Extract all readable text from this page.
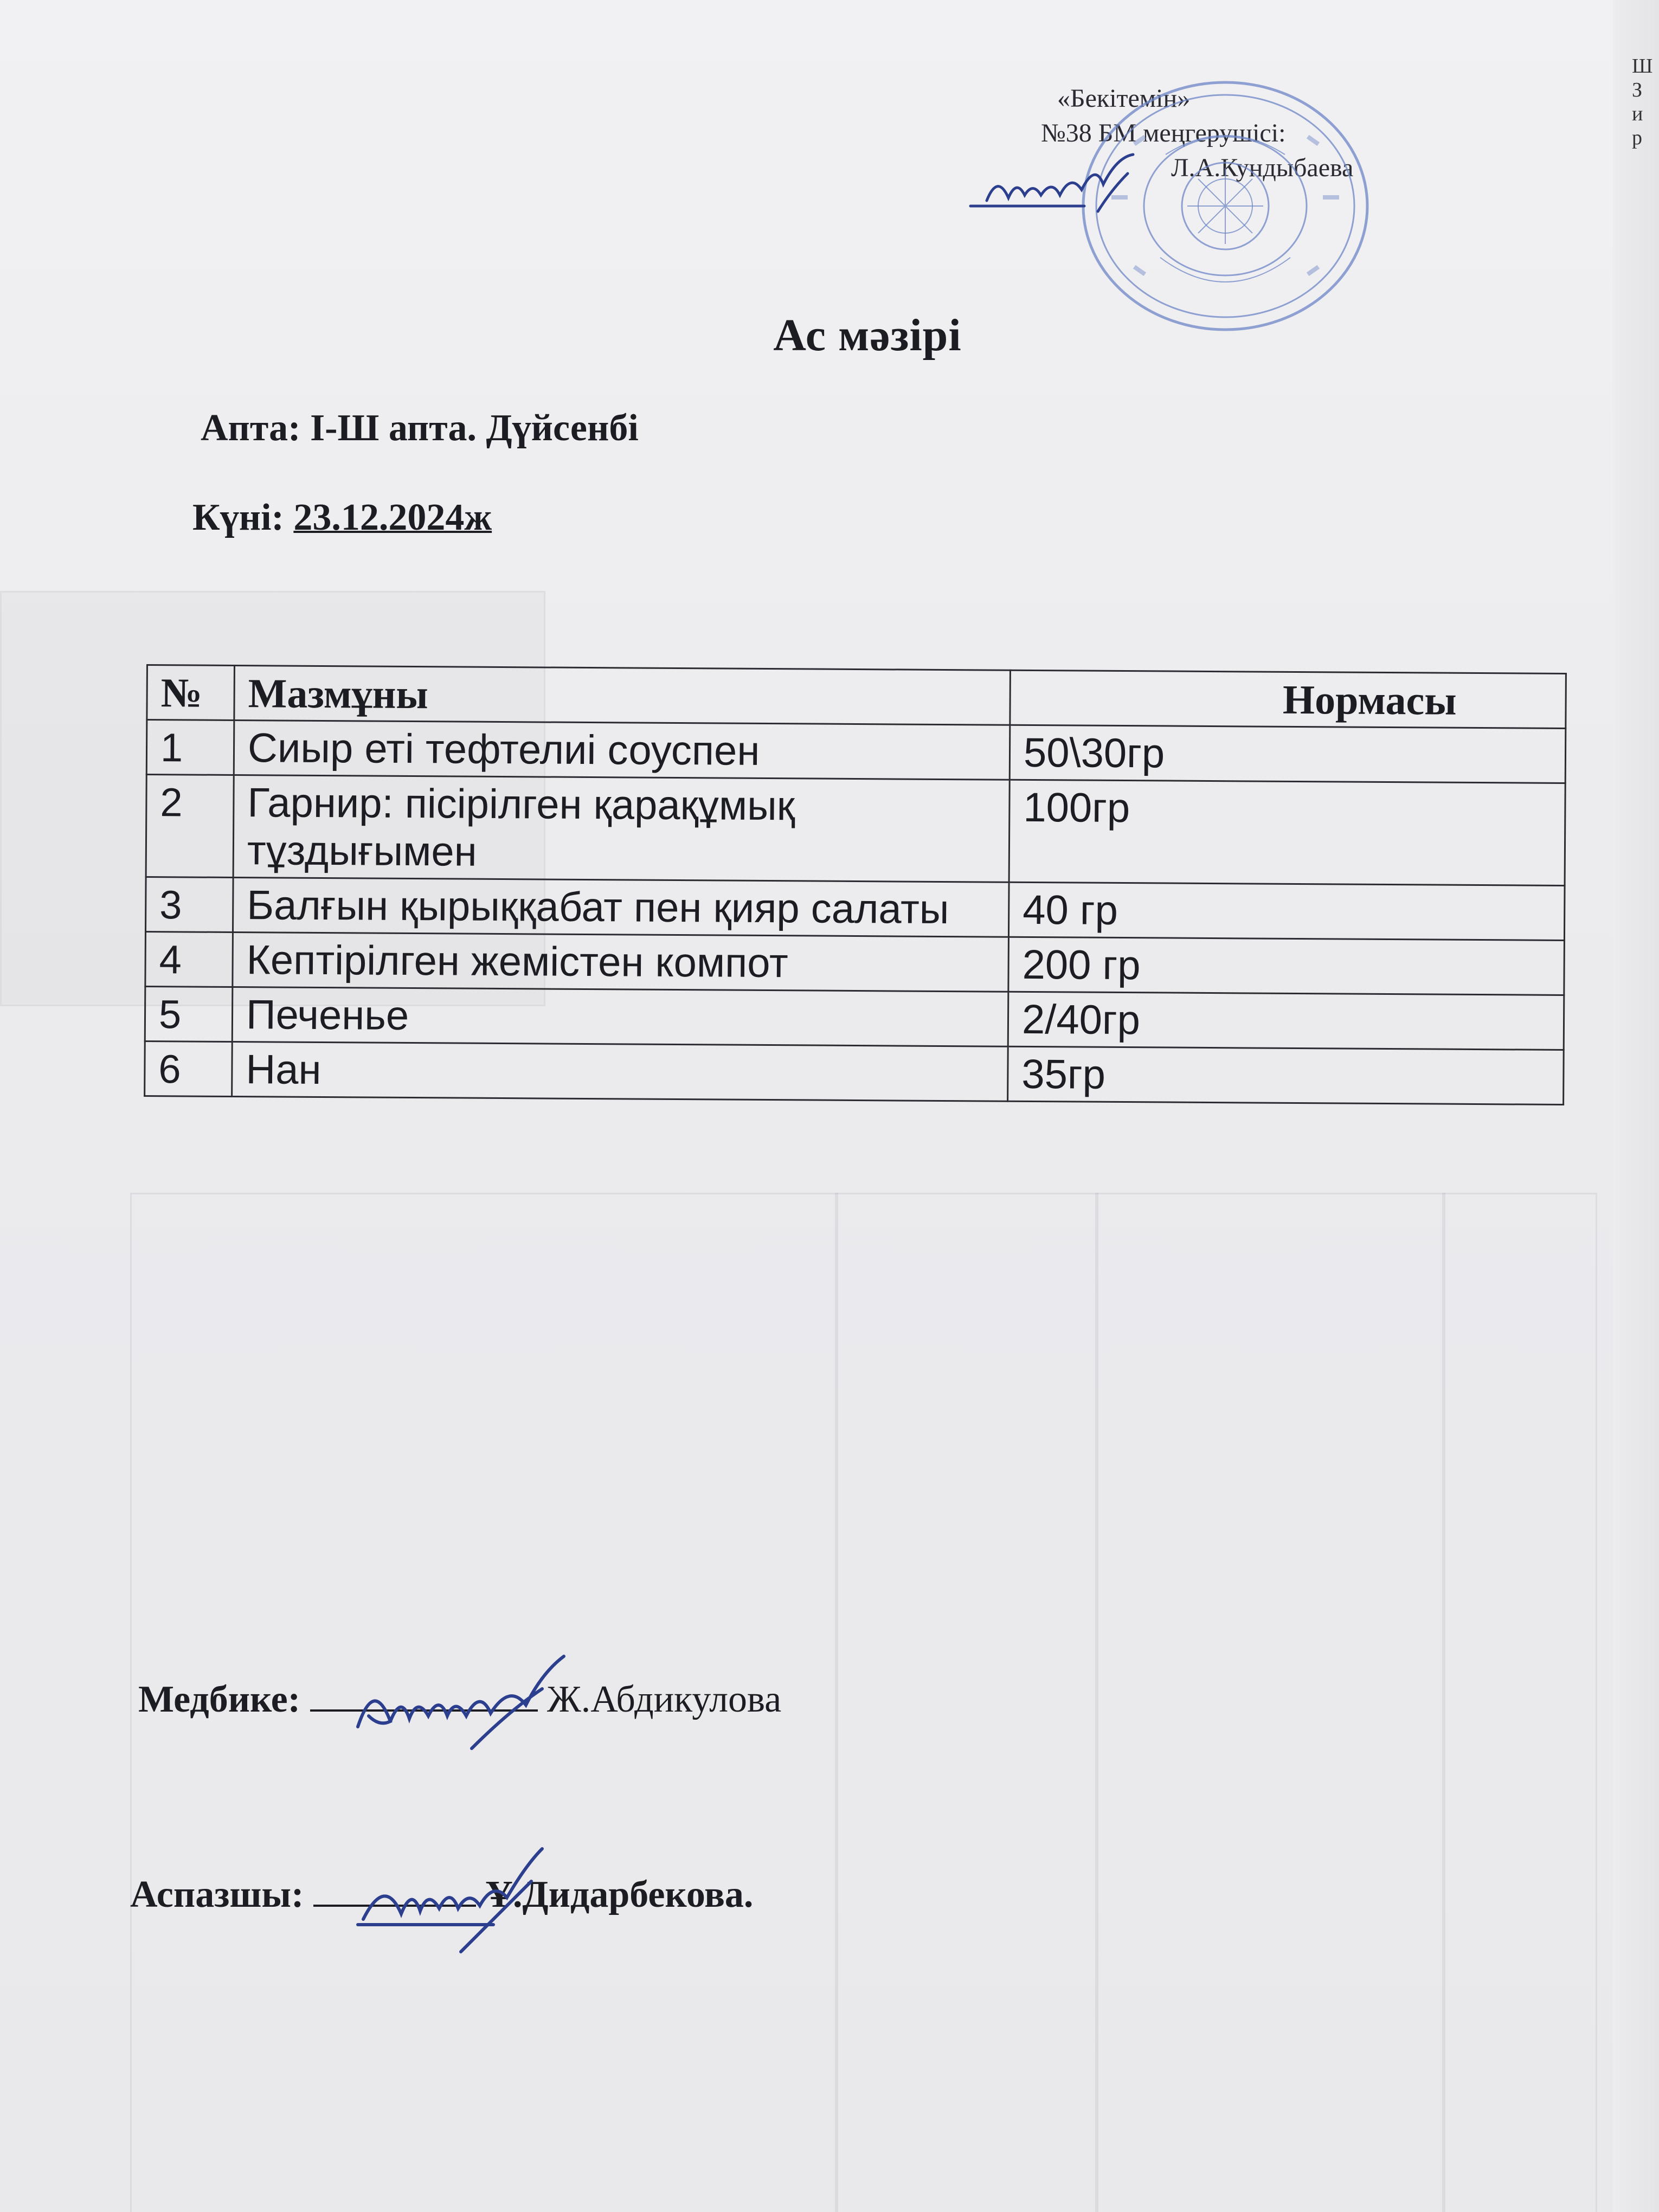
Ш
З
и
р
«Бекітемін»
№38 БМ меңгерушісі:
Л.А.Кундыбаева
Ас мәзірі
Апта: І-Ш апта. Дүйсенбі
Күні: 23.12.2024ж
№	Мазмұны	Нормасы
1	Сиыр еті тефтелиі соуспен	50\30гр
2	Гарнир: пісірілген қарақұмық тұздығымен	100гр
3	Балғын қырыққабат пен қияр салаты	40 гр
4	Кептірілген жемістен компот	200 гр
5	Печенье	2/40гр
6	Нан	35гр
Медбике:	Ж.Абдикулова
Аспазшы:	Ұ.Дидарбекова.
